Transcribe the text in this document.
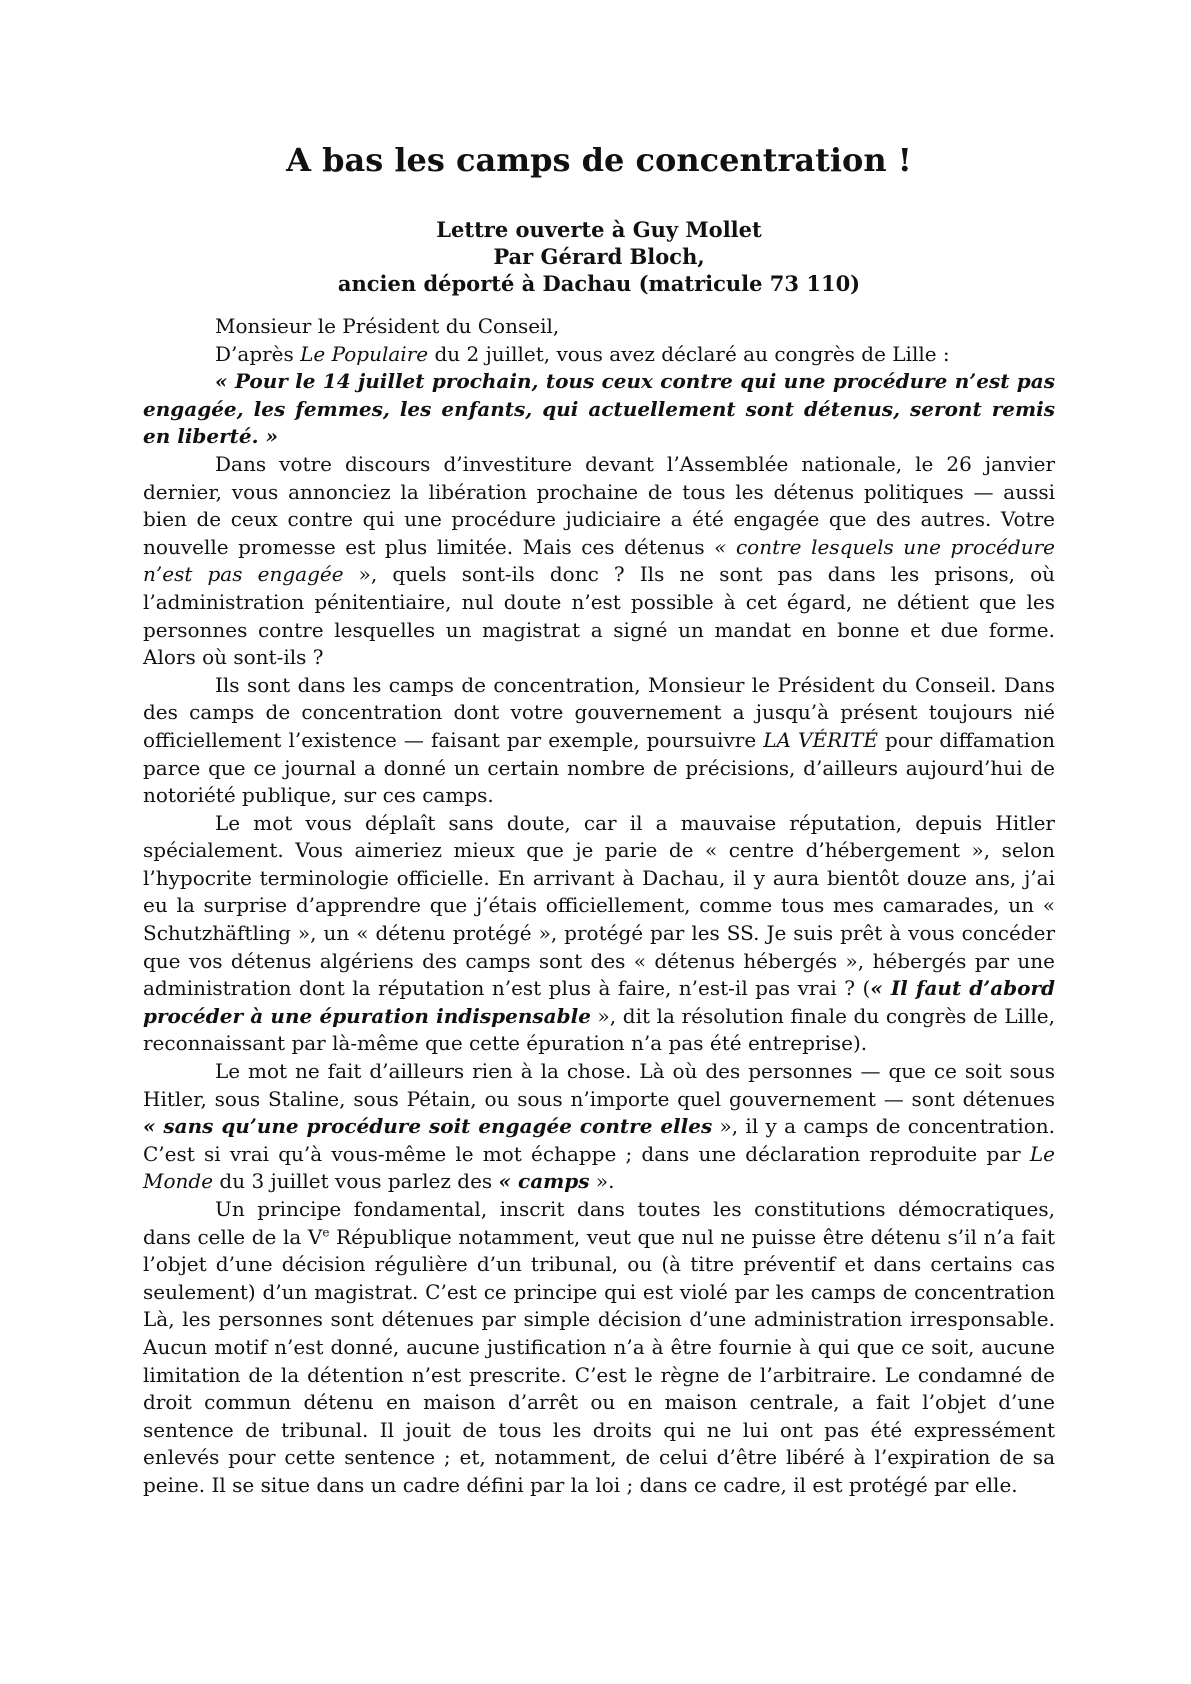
A bas les camps de concentration !
Lettre ouverte à Guy Mollet
Par Gérard Bloch,
ancien déporté à Dachau (matricule 73 110)

Monsieur le Président du Conseil,

D’après Le Populaire du 2 juillet, vous avez déclaré au congrès de Lille :

« Pour le 14 juillet prochain, tous ceux contre qui une procédure n’est pas engagée, les femmes, les enfants, qui actuellement sont détenus, seront remis en liberté. »

Dans votre discours d’investiture devant l’Assemblée nationale, le 26 janvier dernier, vous annonciez la libération prochaine de tous les détenus politiques — aussi bien de ceux contre qui une procédure judiciaire a été engagée que des autres. Votre nouvelle promesse est plus limitée. Mais ces détenus « contre lesquels une procédure n’est pas engagée », quels sont-ils donc ? Ils ne sont pas dans les prisons, où l’administration pénitentiaire, nul doute n’est possible à cet égard, ne détient que les personnes contre lesquelles un magistrat a signé un mandat en bonne et due forme. Alors où sont-ils ?

Ils sont dans les camps de concentration, Monsieur le Président du Conseil. Dans des camps de concentration dont votre gouvernement a jusqu’à présent toujours nié officiellement l’existence — faisant par exemple, poursuivre LA VÉRITÉ pour diffamation parce que ce journal a donné un certain nombre de précisions, d’ailleurs aujourd’hui de notoriété publique, sur ces camps.

Le mot vous déplaît sans doute, car il a mauvaise réputation, depuis Hitler spécialement. Vous aimeriez mieux que je parie de « centre d’hébergement », selon l’hypocrite terminologie officielle. En arrivant à Dachau, il y aura bientôt douze ans, j’ai eu la surprise d’apprendre que j’étais officiellement, comme tous mes camarades, un « Schutzhäftling », un « détenu protégé », protégé par les SS. Je suis prêt à vous concéder que vos détenus algériens des camps sont des « détenus hébergés », hébergés par une administration dont la réputation n’est plus à faire, n’est-il pas vrai ? (« Il faut d’abord procéder à une épuration indispensable », dit la résolution finale du congrès de Lille, reconnaissant par là-même que cette épuration n’a pas été entreprise).

Le mot ne fait d’ailleurs rien à la chose. Là où des personnes — que ce soit sous Hitler, sous Staline, sous Pétain, ou sous n’importe quel gouvernement — sont détenues « sans qu’une procédure soit engagée contre elles », il y a camps de concentration. C’est si vrai qu’à vous-même le mot échappe ; dans une déclaration reproduite par Le Monde du 3 juillet vous parlez des « camps ».

Un principe fondamental, inscrit dans toutes les constitutions démocratiques, dans celle de la Ve République notamment, veut que nul ne puisse être détenu s’il n’a fait l’objet d’une décision régulière d’un tribunal, ou (à titre préventif et dans certains cas seulement) d’un magistrat. C’est ce principe qui est violé par les camps de concentration Là, les personnes sont détenues par simple décision d’une administration irresponsable. Aucun motif n’est donné, aucune justification n’a à être fournie à qui que ce soit, aucune limitation de la détention n’est prescrite. C’est le règne de l’arbitraire. Le condamné de droit commun détenu en maison d’arrêt ou en maison centrale, a fait l’objet d’une sentence de tribunal. Il jouit de tous les droits qui ne lui ont pas été expressément enlevés pour cette sentence ; et, notamment, de celui d’être libéré à l’expiration de sa peine. Il se situe dans un cadre défini par la loi ; dans ce cadre, il est protégé par elle.
